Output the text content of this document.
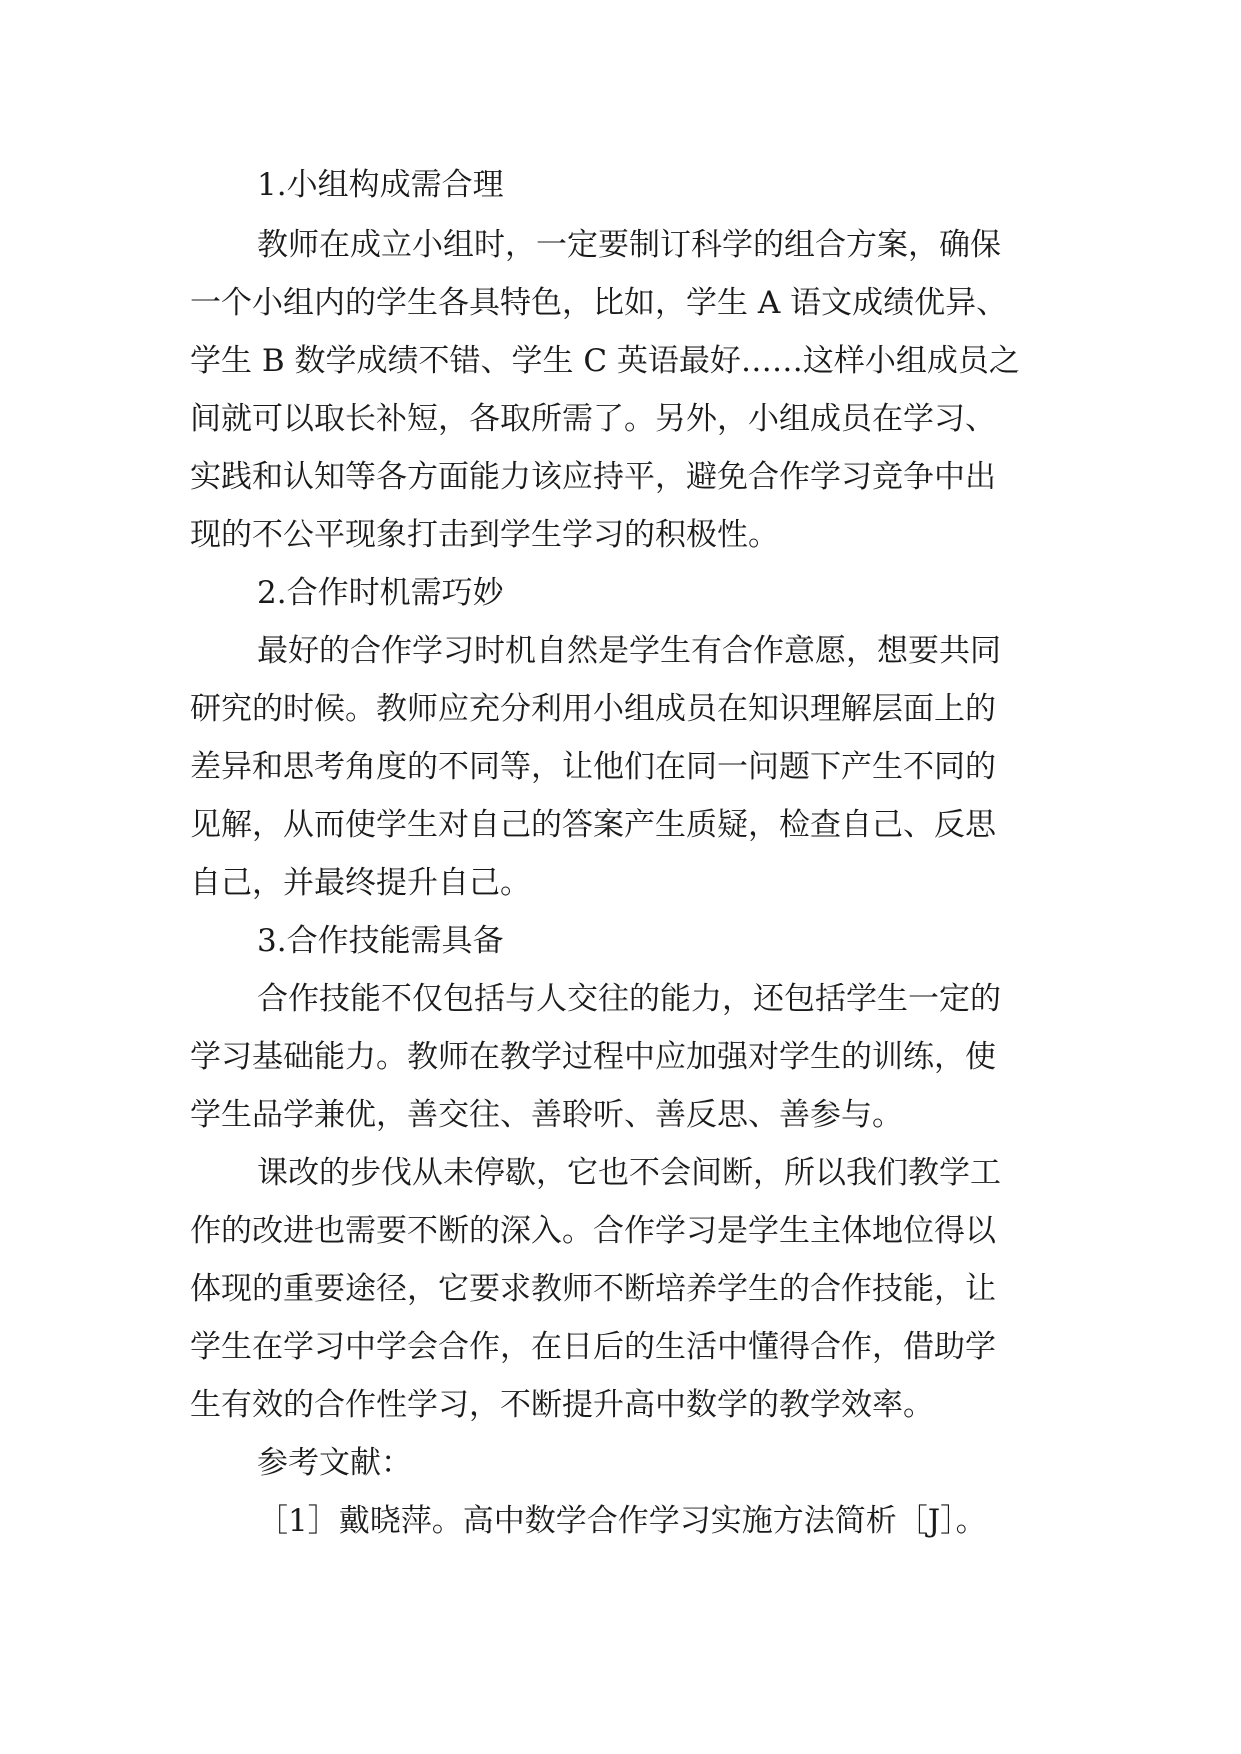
1.小组构成需合理

教师在成立小组时，一定要制订科学的组合方案，确保

一个小组内的学生各具特色，比如，学生 A 语文成绩优异、

学生 B 数学成绩不错、学生 C 英语最好……这样小组成员之

间就可以取长补短，各取所需了。另外，小组成员在学习、

实践和认知等各方面能力该应持平，避免合作学习竞争中出

现的不公平现象打击到学生学习的积极性。

2.合作时机需巧妙

最好的合作学习时机自然是学生有合作意愿，想要共同

研究的时候。教师应充分利用小组成员在知识理解层面上的

差异和思考角度的不同等，让他们在同一问题下产生不同的

见解，从而使学生对自己的答案产生质疑，检查自己、反思

自己，并最终提升自己。

3.合作技能需具备

合作技能不仅包括与人交往的能力，还包括学生一定的

学习基础能力。教师在教学过程中应加强对学生的训练，使

学生品学兼优，善交往、善聆听、善反思、善参与。

课改的步伐从未停歇，它也不会间断，所以我们教学工

作的改进也需要不断的深入。合作学习是学生主体地位得以

体现的重要途径，它要求教师不断培养学生的合作技能，让

学生在学习中学会合作，在日后的生活中懂得合作，借助学

生有效的合作性学习，不断提升高中数学的教学效率。

参考文献：

［1］戴晓萍。高中数学合作学习实施方法简析［J］。
